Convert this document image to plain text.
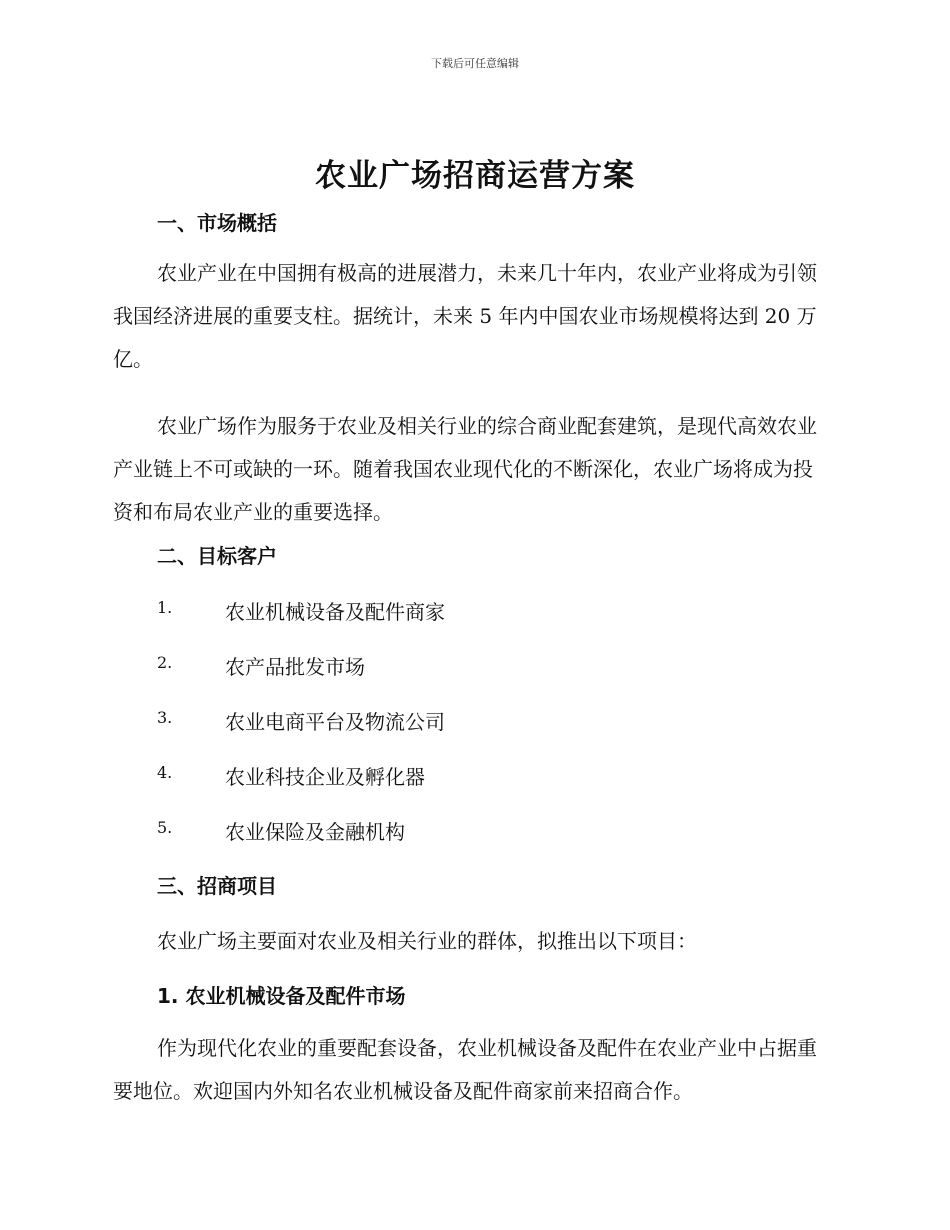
下载后可任意编辑
农业广场招商运营方案
一、市场概括
农业产业在中国拥有极高的进展潜力，未来几十年内，农业产业将成为引领我国经济进展的重要支柱。据统计，未来 5 年内中国农业市场规模将达到 20 万亿。
农业广场作为服务于农业及相关行业的综合商业配套建筑，是现代高效农业产业链上不可或缺的一环。随着我国农业现代化的不断深化，农业广场将成为投资和布局农业产业的重要选择。
二、目标客户
1.	农业机械设备及配件商家
2.	农产品批发市场
3.	农业电商平台及物流公司
4.	农业科技企业及孵化器
5.	农业保险及金融机构
三、招商项目
农业广场主要面对农业及相关行业的群体，拟推出以下项目：
1. 农业机械设备及配件市场
作为现代化农业的重要配套设备，农业机械设备及配件在农业产业中占据重要地位。欢迎国内外知名农业机械设备及配件商家前来招商合作。
